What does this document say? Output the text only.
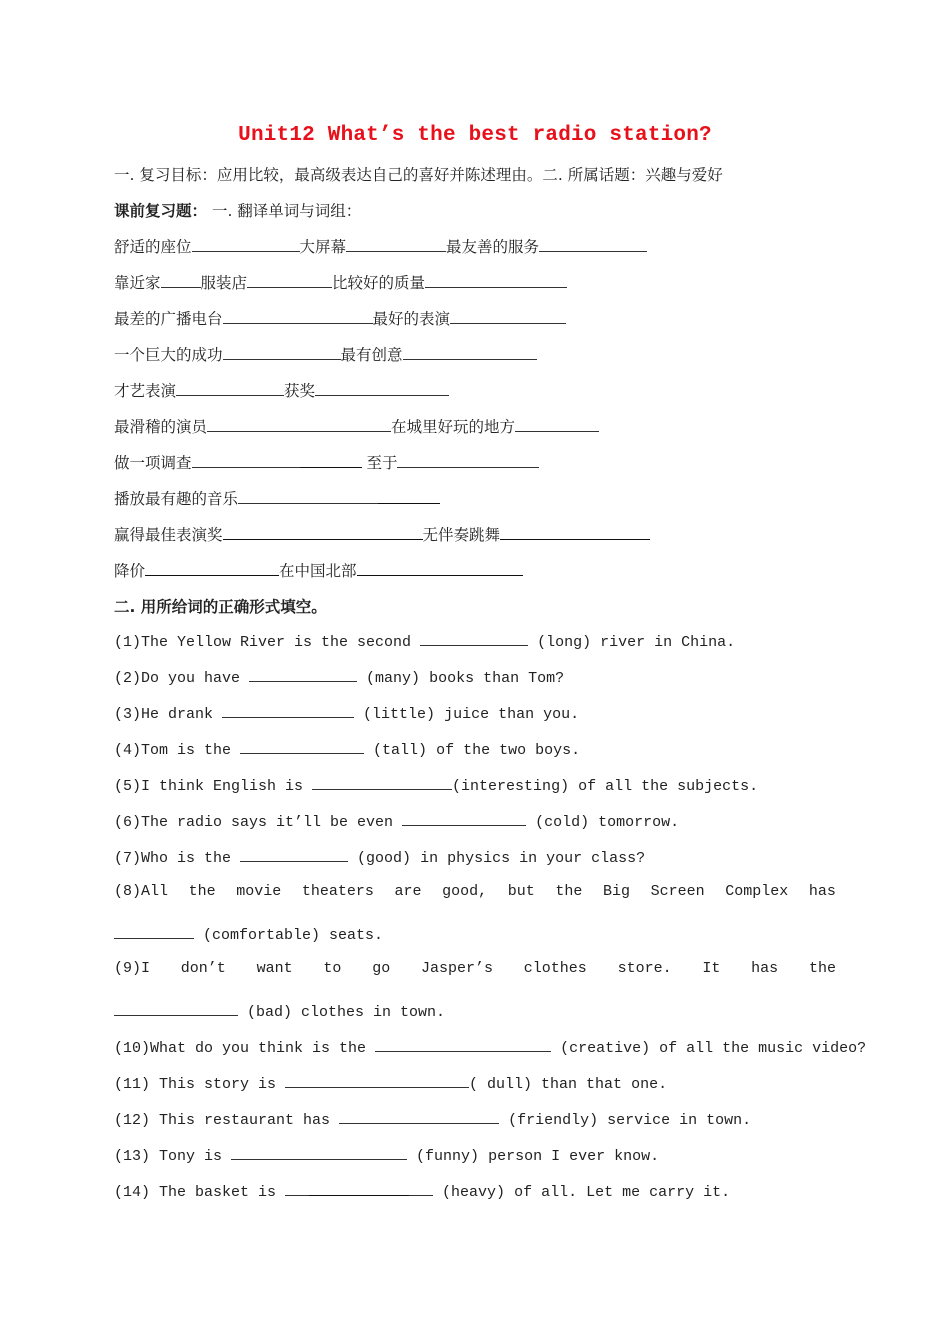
Unit12 What’s the best radio station?
一. 复习目标：应用比较，最高级表达自己的喜好并陈述理由。二. 所属话题：兴趣与爱好
课前复习题： 一. 翻译单词与词组：
舒适的座位	大屏幕	最友善的服务
靠近家	服装店	比较好的质量
最差的广播电台	最好的表演
一个巨大的成功	最有创意
才艺表演	获奖
最滑稽的演员	在城里好玩的地方
做一项调查	至于
播放最有趣的音乐
赢得最佳表演奖	无伴奏跳舞
降价	在中国北部
二. 用所给词的正确形式填空。
(1)The Yellow River is the second	(long) river in China.
(2)Do you have	(many) books than Tom?
(3)He drank	(little) juice than you.
(4)Tom is the	(tall) of the two boys.
(5)I think English is	(interesting) of all the subjects.
(6)The radio says it’ll be even	(cold) tomorrow.
(7)Who is the	(good) in physics in your class?
(8)All the movie theaters are good, but the Big Screen Complex has
(comfortable) seats.
(9)I don’t want to go Jasper’s clothes store. It has the
(bad) clothes in town.
(10)What do you think is the	(creative) of all the music video?
(11) This story is	( dull) than that one.
(12) This restaurant has	(friendly) service in town.
(13) Tony is	(funny) person I ever know.
(14) The basket is	(heavy) of all. Let me carry it.
